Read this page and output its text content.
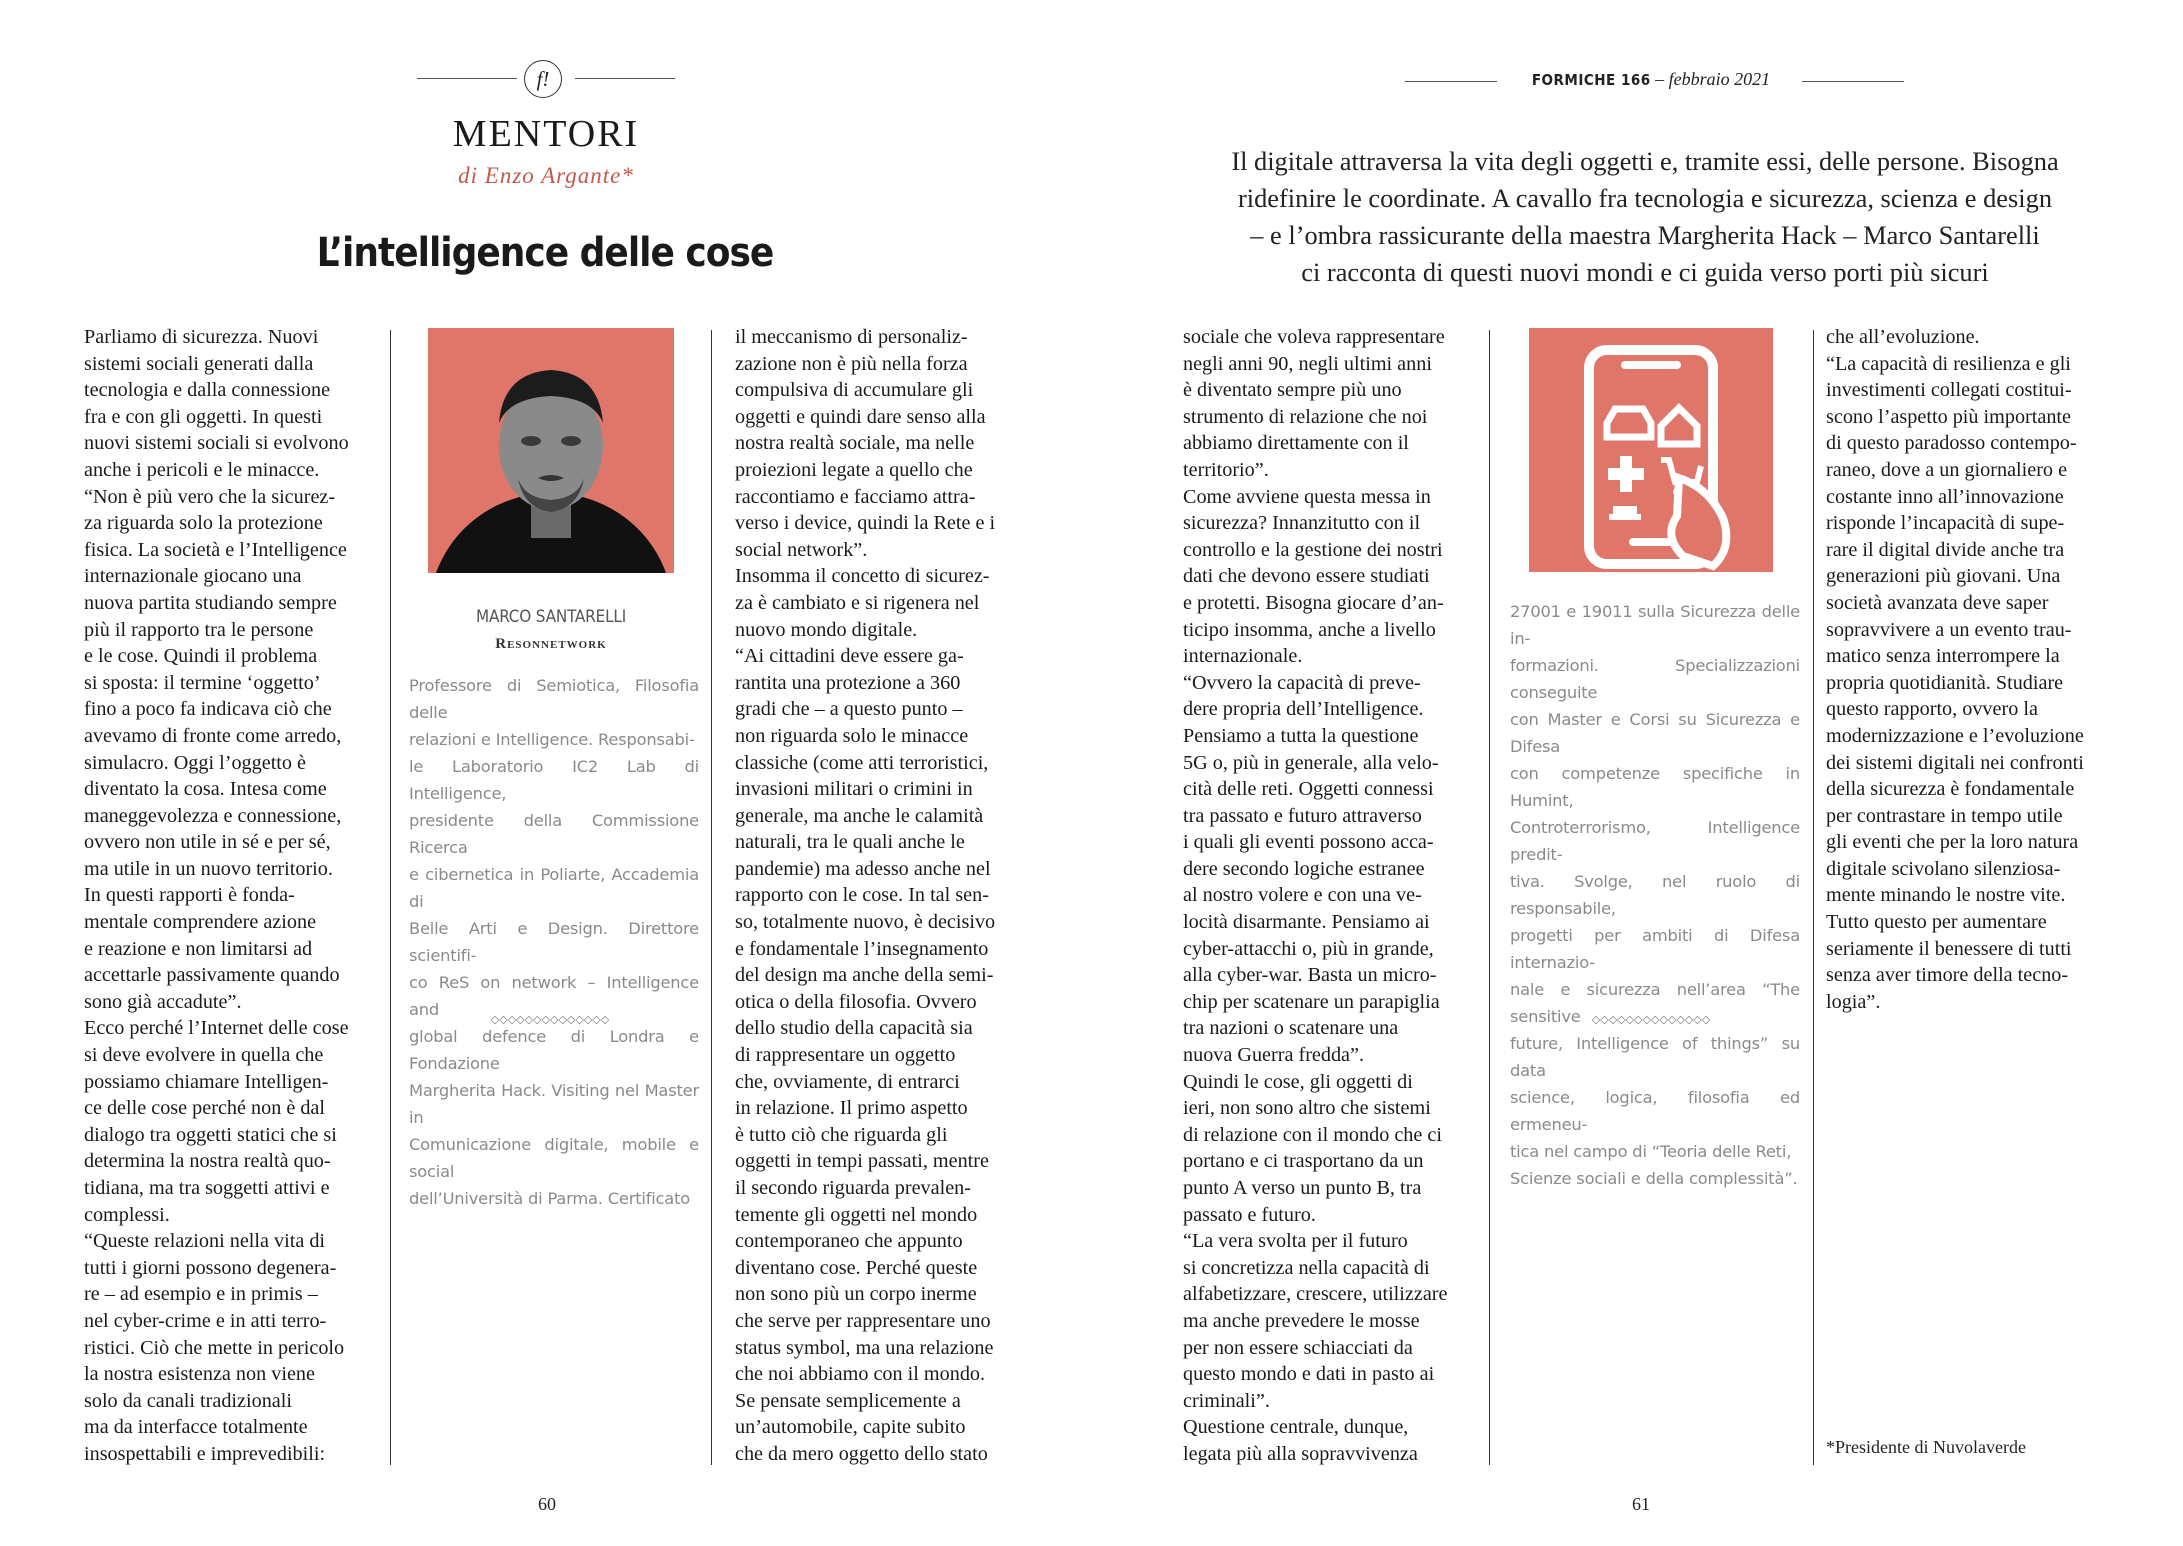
f!
MENTORI
di Enzo Argante*
L’intelligence delle cose
FORMICHE 166 – febbraio 2021
Il digitale attraversa la vita degli oggetti e, tramite essi, delle persone. Bisogna
ridefinire le coordinate. A cavallo fra tecnologia e sicurezza, scienza e design
– e l’ombra rassicurante della maestra Margherita Hack – Marco Santarelli
ci racconta di questi nuovi mondi e ci guida verso porti più sicuri

Parliamo di sicurezza. Nuovi
sistemi sociali generati dalla
tecnologia e dalla connessione
fra e con gli oggetti. In questi
nuovi sistemi sociali si evolvono
anche i pericoli e le minacce.
“Non è più vero che la sicurez-
za riguarda solo la protezione
fisica. La società e l’Intelligence
internazionale giocano una
nuova partita studiando sempre
più il rapporto tra le persone
e le cose. Quindi il problema
si sposta: il termine ‘oggetto’
fino a poco fa indicava ciò che
avevamo di fronte come arredo,
simulacro. Oggi l’oggetto è
diventato la cosa. Intesa come
maneggevolezza e connessione,
ovvero non utile in sé e per sé,
ma utile in un nuovo territorio.
In questi rapporti è fonda-
mentale comprendere azione
e reazione e non limitarsi ad
accettarle passivamente quando
sono già accadute”.
Ecco perché l’Internet delle cose
si deve evolvere in quella che
possiamo chiamare Intelligen-
ce delle cose perché non è dal
dialogo tra oggetti statici che si
determina la nostra realtà quo-
tidiana, ma tra soggetti attivi e
complessi.
“Queste relazioni nella vita di
tutti i giorni possono degenera-
re – ad esempio e in primis –
nel cyber-crime e in atti terro-
ristici. Ciò che mette in pericolo
la nostra esistenza non viene
solo da canali tradizionali
ma da interfacce totalmente
insospettabili e imprevedibili:

MARCO SANTARELLI
Resonnetwork

Professore di Semiotica, Filosofia delle
relazioni e Intelligence. Responsabi-
le Laboratorio IC2 Lab di Intelligence,
presidente della Commissione Ricerca
e cibernetica in Poliarte, Accademia di
Belle Arti e Design. Direttore scientifi-
co ReS on network – Intelligence and
global defence di Londra e Fondazione
Margherita Hack. Visiting nel Master in
Comunicazione digitale, mobile e social
dell’Università di Parma. Certificato

◇◇◇◇◇◇◇◇◇◇◇◇◇◇

il meccanismo di personaliz-
zazione non è più nella forza
compulsiva di accumulare gli
oggetti e quindi dare senso alla
nostra realtà sociale, ma nelle
proiezioni legate a quello che
raccontiamo e facciamo attra-
verso i device, quindi la Rete e i
social network”.
Insomma il concetto di sicurez-
za è cambiato e si rigenera nel
nuovo mondo digitale.
“Ai cittadini deve essere ga-
rantita una protezione a 360
gradi che – a questo punto –
non riguarda solo le minacce
classiche (come atti terroristici,
invasioni militari o crimini in
generale, ma anche le calamità
naturali, tra le quali anche le
pandemie) ma adesso anche nel
rapporto con le cose. In tal sen-
so, totalmente nuovo, è decisivo
e fondamentale l’insegnamento
del design ma anche della semi-
otica o della filosofia. Ovvero
dello studio della capacità sia
di rappresentare un oggetto
che, ovviamente, di entrarci
in relazione. Il primo aspetto
è tutto ciò che riguarda gli
oggetti in tempi passati, mentre
il secondo riguarda prevalen-
temente gli oggetti nel mondo
contemporaneo che appunto
diventano cose. Perché queste
non sono più un corpo inerme
che serve per rappresentare uno
status symbol, ma una relazione
che noi abbiamo con il mondo.
Se pensate semplicemente a
un’automobile, capite subito
che da mero oggetto dello stato

sociale che voleva rappresentare
negli anni 90, negli ultimi anni
è diventato sempre più uno
strumento di relazione che noi
abbiamo direttamente con il
territorio”.
Come avviene questa messa in
sicurezza? Innanzitutto con il
controllo e la gestione dei nostri
dati che devono essere studiati
e protetti. Bisogna giocare d’an-
ticipo insomma, anche a livello
internazionale.
“Ovvero la capacità di preve-
dere propria dell’Intelligence.
Pensiamo a tutta la questione
5G o, più in generale, alla velo-
cità delle reti. Oggetti connessi
tra passato e futuro attraverso
i quali gli eventi possono acca-
dere secondo logiche estranee
al nostro volere e con una ve-
locità disarmante. Pensiamo ai
cyber-attacchi o, più in grande,
alla cyber-war. Basta un micro-
chip per scatenare un parapiglia
tra nazioni o scatenare una
nuova Guerra fredda”.
Quindi le cose, gli oggetti di
ieri, non sono altro che sistemi
di relazione con il mondo che ci
portano e ci trasportano da un
punto A verso un punto B, tra
passato e futuro.
“La vera svolta per il futuro
si concretizza nella capacità di
alfabetizzare, crescere, utilizzare
ma anche prevedere le mosse
per non essere schiacciati da
questo mondo e dati in pasto ai
criminali”.
Questione centrale, dunque,
legata più alla sopravvivenza

27001 e 19011 sulla Sicurezza delle in-
formazioni. Specializzazioni conseguite
con Master e Corsi su Sicurezza e Difesa
con competenze specifiche in Humint,
Controterrorismo, Intelligence predit-
tiva. Svolge, nel ruolo di responsabile,
progetti per ambiti di Difesa internazio-
nale e sicurezza nell’area “The sensitive
future, Intelligence of things” su data
science, logica, filosofia ed ermeneu-
tica nel campo di “Teoria delle Reti,
Scienze sociali e della complessità”.

◇◇◇◇◇◇◇◇◇◇◇◇◇◇

che all’evoluzione.
“La capacità di resilienza e gli
investimenti collegati costitui-
scono l’aspetto più importante
di questo paradosso contempo-
raneo, dove a un giornaliero e
costante inno all’innovazione
risponde l’incapacità di supe-
rare il digital divide anche tra
generazioni più giovani. Una
società avanzata deve saper
sopravvivere a un evento trau-
matico senza interrompere la
propria quotidianità. Studiare
questo rapporto, ovvero la
modernizzazione e l’evoluzione
dei sistemi digitali nei confronti
della sicurezza è fondamentale
per contrastare in tempo utile
gli eventi che per la loro natura
digitale scivolano silenziosa-
mente minando le nostre vite.
Tutto questo per aumentare
seriamente il benessere di tutti
senza aver timore della tecno-
logia”.

*Presidente di Nuvolaverde
60	61
